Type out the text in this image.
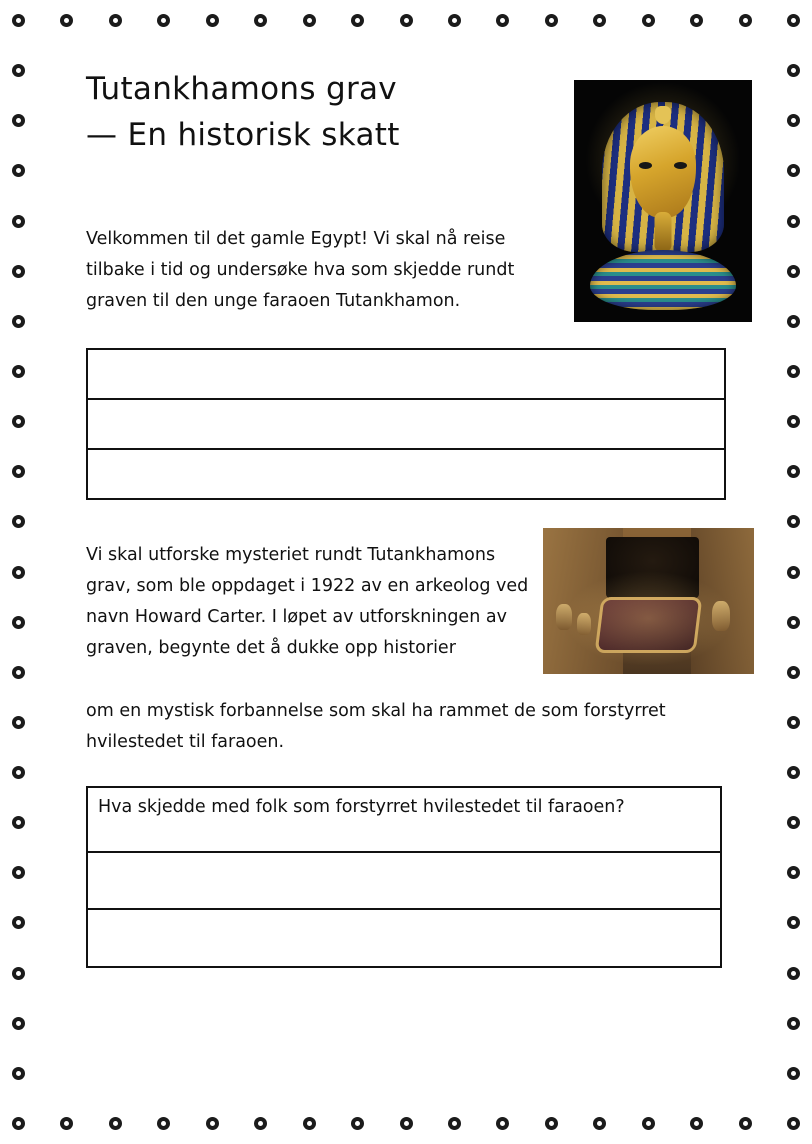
Tutankhamons grav
— En historisk skatt

Velkommen til det gamle Egypt! Vi skal nå reise tilbake i tid og undersøke hva som skjedde rundt graven til den unge faraoen Tutankhamon.

Vi skal utforske mysteriet rundt Tutankhamons grav, som ble oppdaget i 1922 av en arkeolog ved navn Howard Carter. I løpet av utforskningen av graven, begynte det å dukke opp historier

om en mystisk forbannelse som skal ha rammet de som forstyrret hvilestedet til faraoen.

Hva skjedde med folk som forstyrret hvilestedet til faraoen?
